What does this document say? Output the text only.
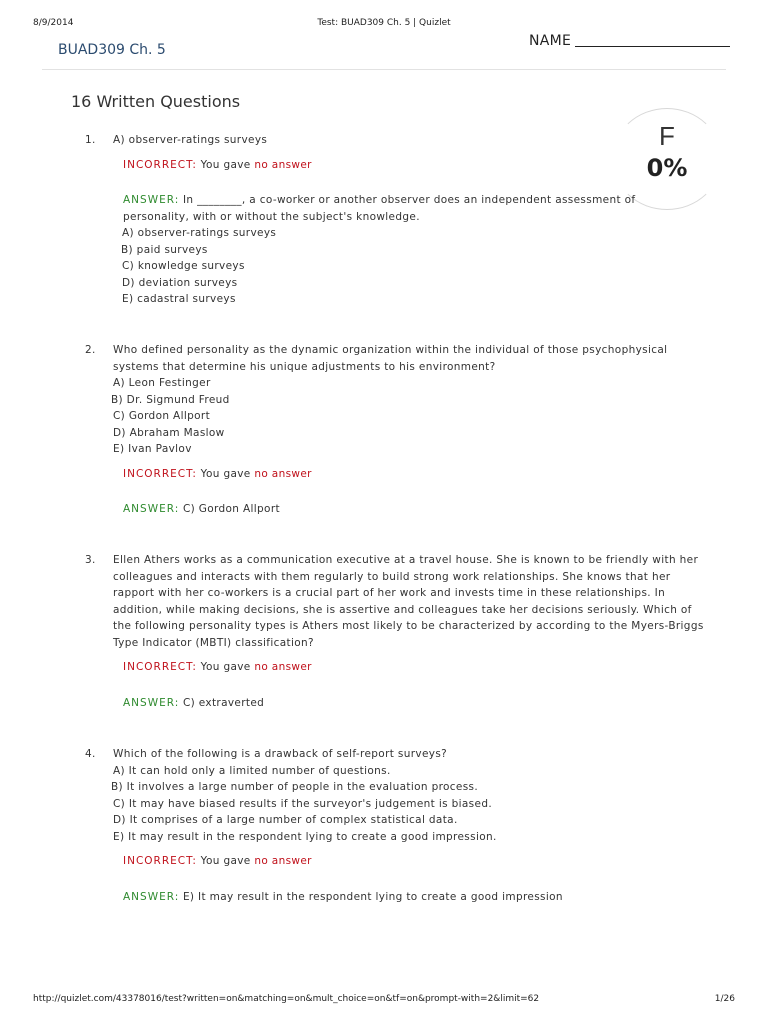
8/9/2014	Test: BUAD309 Ch. 5 | Quizlet
BUAD309 Ch. 5
NAME
16 Written Questions
F
0%
1. A) observer-ratings surveys

INCORRECT: You gave no answer
ANSWER: In ________, a co-worker or another observer does an independent assessment of personality, with or without the subject's knowledge.
A) observer-ratings surveys
B) paid surveys
C) knowledge surveys
D) deviation surveys
E) cadastral surveys
2. Who defined personality as the dynamic organization within the individual of those psychophysical systems that determine his unique adjustments to his environment?

A) Leon Festinger
B) Dr. Sigmund Freud
C) Gordon Allport
D) Abraham Maslow
E) Ivan Pavlov
INCORRECT: You gave no answer
ANSWER: C) Gordon Allport
3. Ellen Athers works as a communication executive at a travel house. She is known to be friendly with her colleagues and interacts with them regularly to build strong work relationships. She knows that her rapport with her co-workers is a crucial part of her work and invests time in these relationships. In addition, while making decisions, she is assertive and colleagues take her decisions seriously. Which of the following personality types is Athers most likely to be characterized by according to the Myers-Briggs Type Indicator (MBTI) classification?

INCORRECT: You gave no answer
ANSWER: C) extraverted
4. Which of the following is a drawback of self-report surveys?

A) It can hold only a limited number of questions.
B) It involves a large number of people in the evaluation process.
C) It may have biased results if the surveyor's judgement is biased.
D) It comprises of a large number of complex statistical data.
E) It may result in the respondent lying to create a good impression.
INCORRECT: You gave no answer
ANSWER: E) It may result in the respondent lying to create a good impression
http://quizlet.com/43378016/test?written=on&matching=on&mult_choice=on&tf=on&prompt-with=2&limit=62	1/26
